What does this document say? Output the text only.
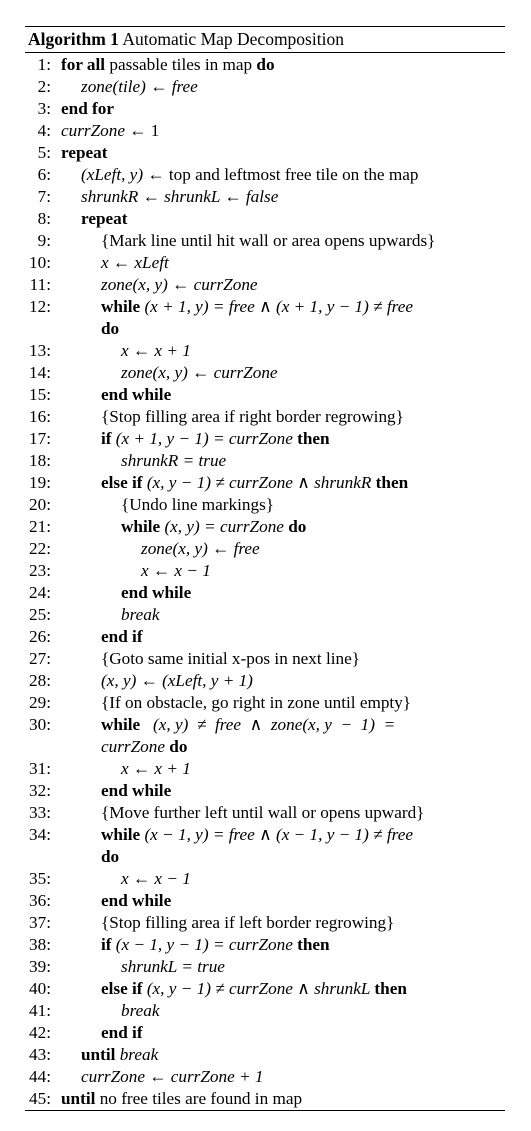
Algorithm 1 Automatic Map Decomposition
1: for all passable tiles in map do
2: zone(tile) ← free
3: end for
4: currZone ← 1
5: repeat
6: (xLeft, y) ← top and leftmost free tile on the map
7: shrunkR ← shrunkL ← false
8: repeat
9:	{Mark line until hit wall or area opens upwards}
10:	x ← xLeft
11:	zone(x, y) ← currZone
12:	while (x + 1, y) = free ∧ (x + 1, y − 1) ≠ free
do
13:	x ← x + 1
14:	zone(x, y) ← currZone
15:	end while
16:	{Stop filling area if right border regrowing}
17:	if (x + 1, y − 1) = currZone then
18:	shrunkR = true
19:	else if (x, y − 1) ≠ currZone ∧ shrunkR then
20:	{Undo line markings}
21:	while (x, y) = currZone do
22:	zone(x, y) ← free
23:	x ← x − 1
24:	end while
25:	break
26:	end if
27:	{Goto same initial x-pos in next line}
28:	(x, y) ← (xLeft, y + 1)
29:	{If on obstacle, go right in zone until empty}
30:	while   (x, y)  ≠  free  ∧  zone(x, y  −  1)  =
currZone do
31:	x ← x + 1
32:	end while
33:	{Move further left until wall or opens upward}
34:	while (x − 1, y) = free ∧ (x − 1, y − 1) ≠ free
do
35:	x ← x − 1
36:	end while
37:	{Stop filling area if left border regrowing}
38:	if (x − 1, y − 1) = currZone then
39:	shrunkL = true
40:	else if (x, y − 1) ≠ currZone ∧ shrunkL then
41:	break
42:	end if
43: until break
44: currZone ← currZone + 1
45: until no free tiles are found in map
